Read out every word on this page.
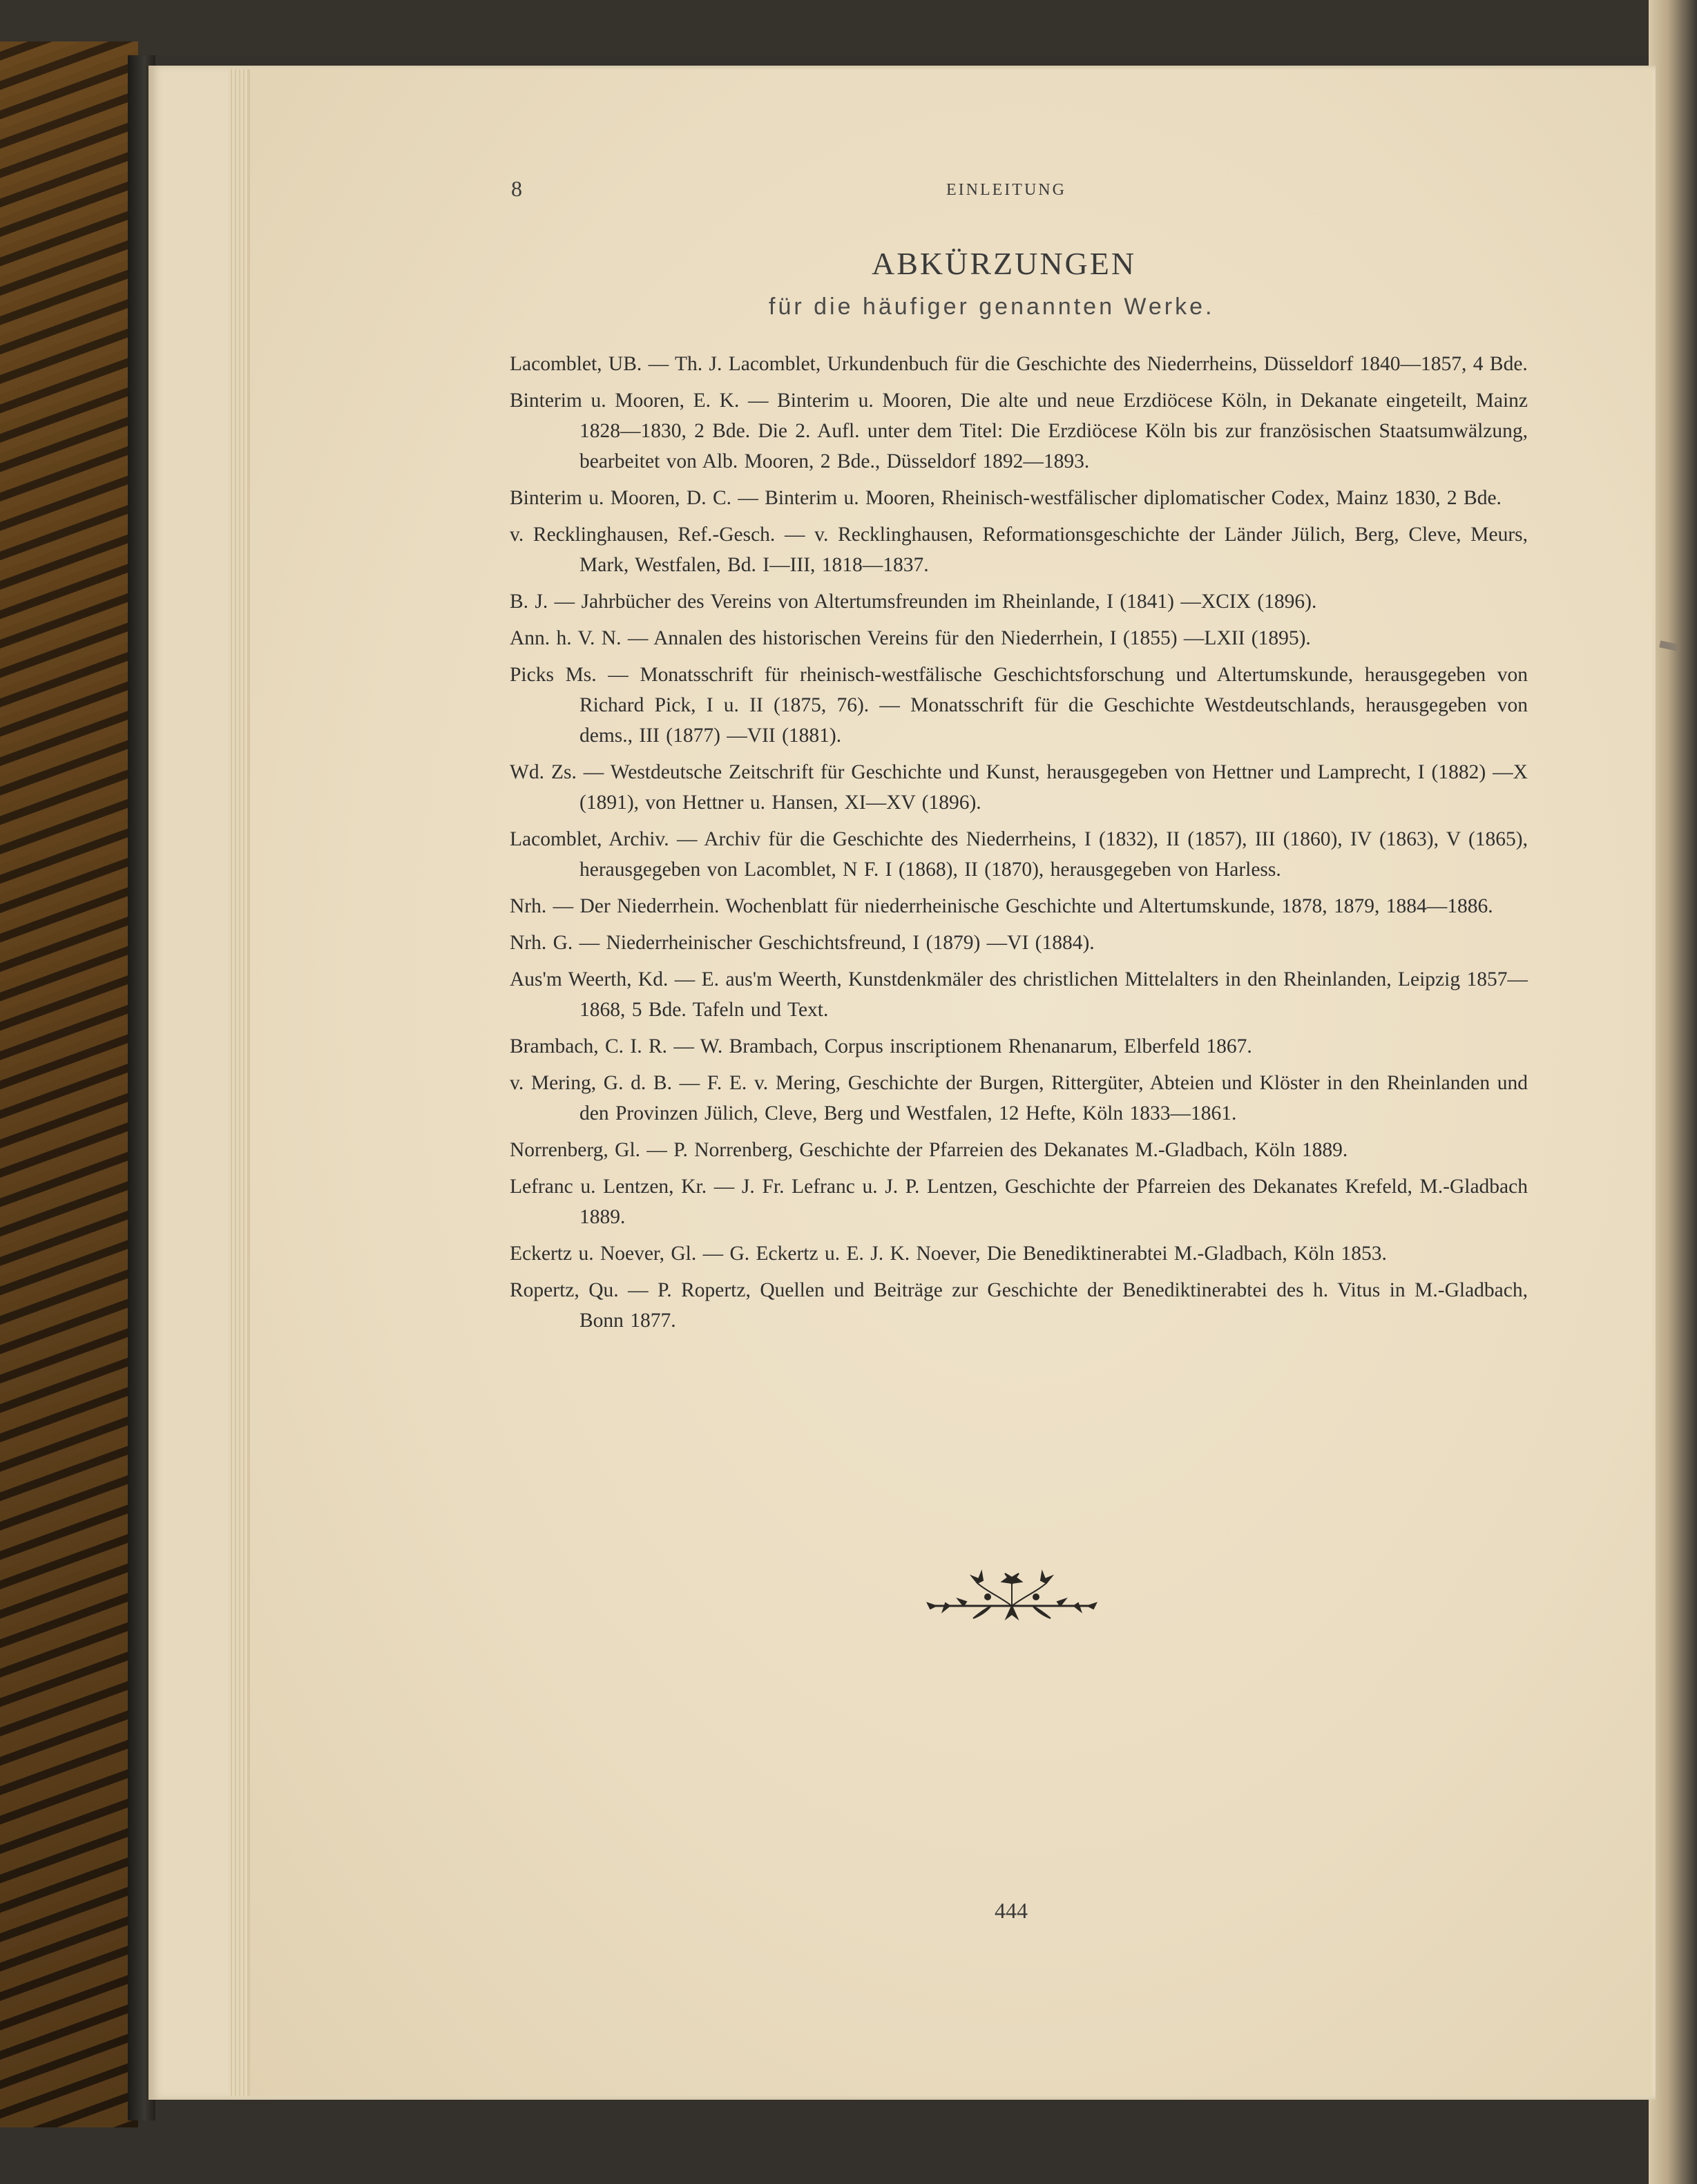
8	EINLEITUNG
ABKÜRZUNGEN
für die häufiger genannten Werke.

Lacomblet, UB. — Th. J. Lacomblet, Urkundenbuch für die Geschichte des Niederrheins, Düsseldorf 1840—1857, 4 Bde.

Binterim u. Mooren, E. K. — Binterim u. Mooren, Die alte und neue Erzdiöcese Köln, in Dekanate eingeteilt, Mainz 1828—1830, 2 Bde. Die 2. Aufl. unter dem Titel: Die Erzdiöcese Köln bis zur französischen Staatsumwälzung, bearbeitet von Alb. Mooren, 2 Bde., Düsseldorf 1892—1893.

Binterim u. Mooren, D. C. — Binterim u. Mooren, Rheinisch-westfälischer diplomatischer Codex, Mainz 1830, 2 Bde.

v. Recklinghausen, Ref.-Gesch. — v. Recklinghausen, Reformationsgeschichte der Länder Jülich, Berg, Cleve, Meurs, Mark, Westfalen, Bd. I—III, 1818—1837.

B. J. — Jahrbücher des Vereins von Altertumsfreunden im Rheinlande, I (1841) —XCIX (1896).

Ann. h. V. N. — Annalen des historischen Vereins für den Niederrhein, I (1855) —LXII (1895).

Picks Ms. — Monatsschrift für rheinisch-westfälische Geschichtsforschung und Altertumskunde, herausgegeben von Richard Pick, I u. II (1875, 76). — Monatsschrift für die Geschichte Westdeutschlands, herausgegeben von dems., III (1877) —VII (1881).

Wd. Zs. — Westdeutsche Zeitschrift für Geschichte und Kunst, herausgegeben von Hettner und Lamprecht, I (1882) —X (1891), von Hettner u. Hansen, XI—XV (1896).

Lacomblet, Archiv. — Archiv für die Geschichte des Niederrheins, I (1832), II (1857), III (1860), IV (1863), V (1865), herausgegeben von Lacomblet, N F. I (1868), II (1870), herausgegeben von Harless.

Nrh. — Der Niederrhein. Wochenblatt für niederrheinische Geschichte und Altertumskunde, 1878, 1879, 1884—1886.

Nrh. G. — Niederrheinischer Geschichtsfreund, I (1879) —VI (1884).

Aus'm Weerth, Kd. — E. aus'm Weerth, Kunstdenkmäler des christlichen Mittelalters in den Rheinlanden, Leipzig 1857—1868, 5 Bde. Tafeln und Text.

Brambach, C. I. R. — W. Brambach, Corpus inscriptionem Rhenanarum, Elberfeld 1867.

v. Mering, G. d. B. — F. E. v. Mering, Geschichte der Burgen, Rittergüter, Abteien und Klöster in den Rheinlanden und den Provinzen Jülich, Cleve, Berg und Westfalen, 12 Hefte, Köln 1833—1861.

Norrenberg, Gl. — P. Norrenberg, Geschichte der Pfarreien des Dekanates M.-Gladbach, Köln 1889.

Lefranc u. Lentzen, Kr. — J. Fr. Lefranc u. J. P. Lentzen, Geschichte der Pfarreien des Dekanates Krefeld, M.-Gladbach 1889.

Eckertz u. Noever, Gl. — G. Eckertz u. E. J. K. Noever, Die Benediktinerabtei M.-Gladbach, Köln 1853.

Ropertz, Qu. — P. Ropertz, Quellen und Beiträge zur Geschichte der Benediktinerabtei des h. Vitus in M.-Gladbach, Bonn 1877.

444
